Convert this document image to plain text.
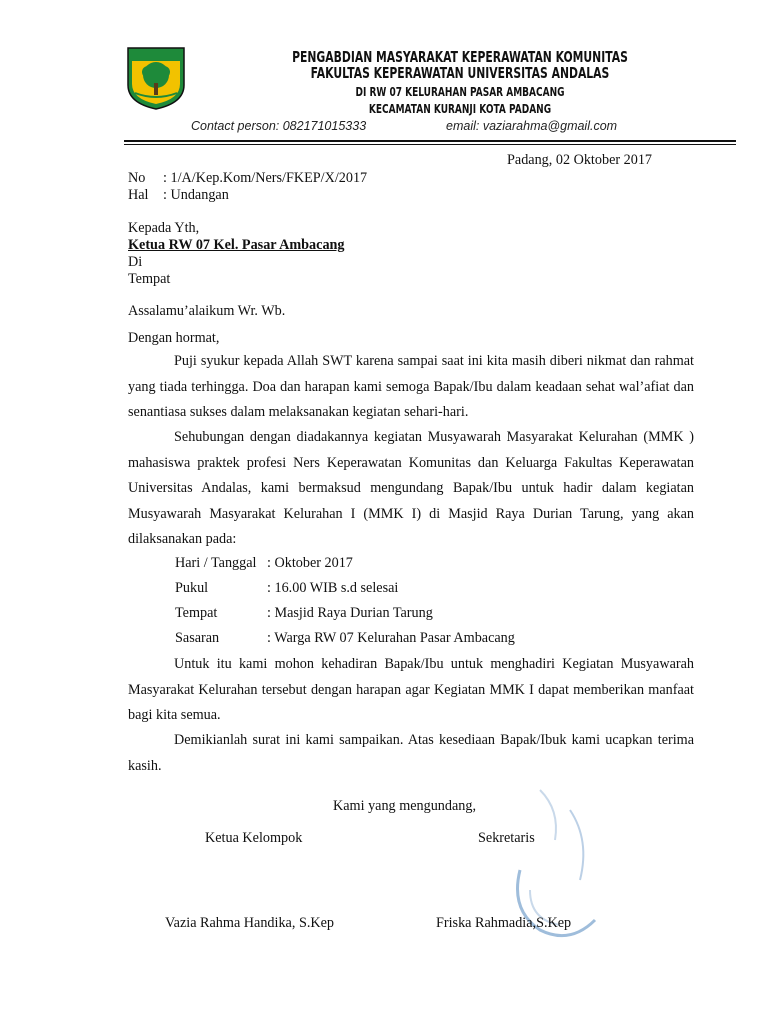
PENGABDIAN MASYARAKAT KEPERAWATAN KOMUNITAS
FAKULTAS KEPERAWATAN UNIVERSITAS ANDALAS
DI RW 07 KELURAHAN PASAR AMBACANG
KECAMATAN KURANJI KOTA PADANG
Contact person: 082171015333	email: vaziarahma@gmail.com
Padang, 02 Oktober 2017
No : 1/A/Kep.Kom/Ners/FKEP/X/2017
Hal : Undangan
Kepada Yth,
Ketua RW 07 Kel. Pasar Ambacang
Di
Tempat
Assalamu’alaikum Wr. Wb.
Dengan hormat,
Puji syukur kepada Allah SWT karena sampai saat ini kita masih diberi nikmat dan rahmat yang tiada terhingga. Doa dan harapan kami semoga Bapak/Ibu dalam keadaan sehat wal’afiat dan senantiasa sukses dalam melaksanakan kegiatan sehari-hari.
Sehubungan dengan diadakannya kegiatan Musyawarah Masyarakat Kelurahan (MMK ) mahasiswa praktek profesi Ners Keperawatan Komunitas dan Keluarga Fakultas Keperawatan Universitas Andalas, kami bermaksud mengundang Bapak/Ibu untuk hadir dalam kegiatan Musyawarah Masyarakat Kelurahan I (MMK I) di Masjid Raya Durian Tarung, yang akan dilaksanakan pada:
Hari / Tanggal : Oktober 2017
Pukul	: 16.00 WIB s.d selesai
Tempat	: Masjid Raya Durian Tarung
Sasaran	: Warga RW 07 Kelurahan Pasar Ambacang
Untuk itu kami mohon kehadiran Bapak/Ibu untuk menghadiri Kegiatan Musyawarah Masyarakat Kelurahan tersebut dengan harapan agar Kegiatan MMK I dapat memberikan manfaat bagi kita semua.
Demikianlah surat ini kami sampaikan. Atas kesediaan Bapak/Ibuk kami ucapkan terima kasih.
Kami yang mengundang,
Ketua Kelompok	Sekretaris
Vazia Rahma Handika, S.Kep	Friska Rahmadia,S.Kep
